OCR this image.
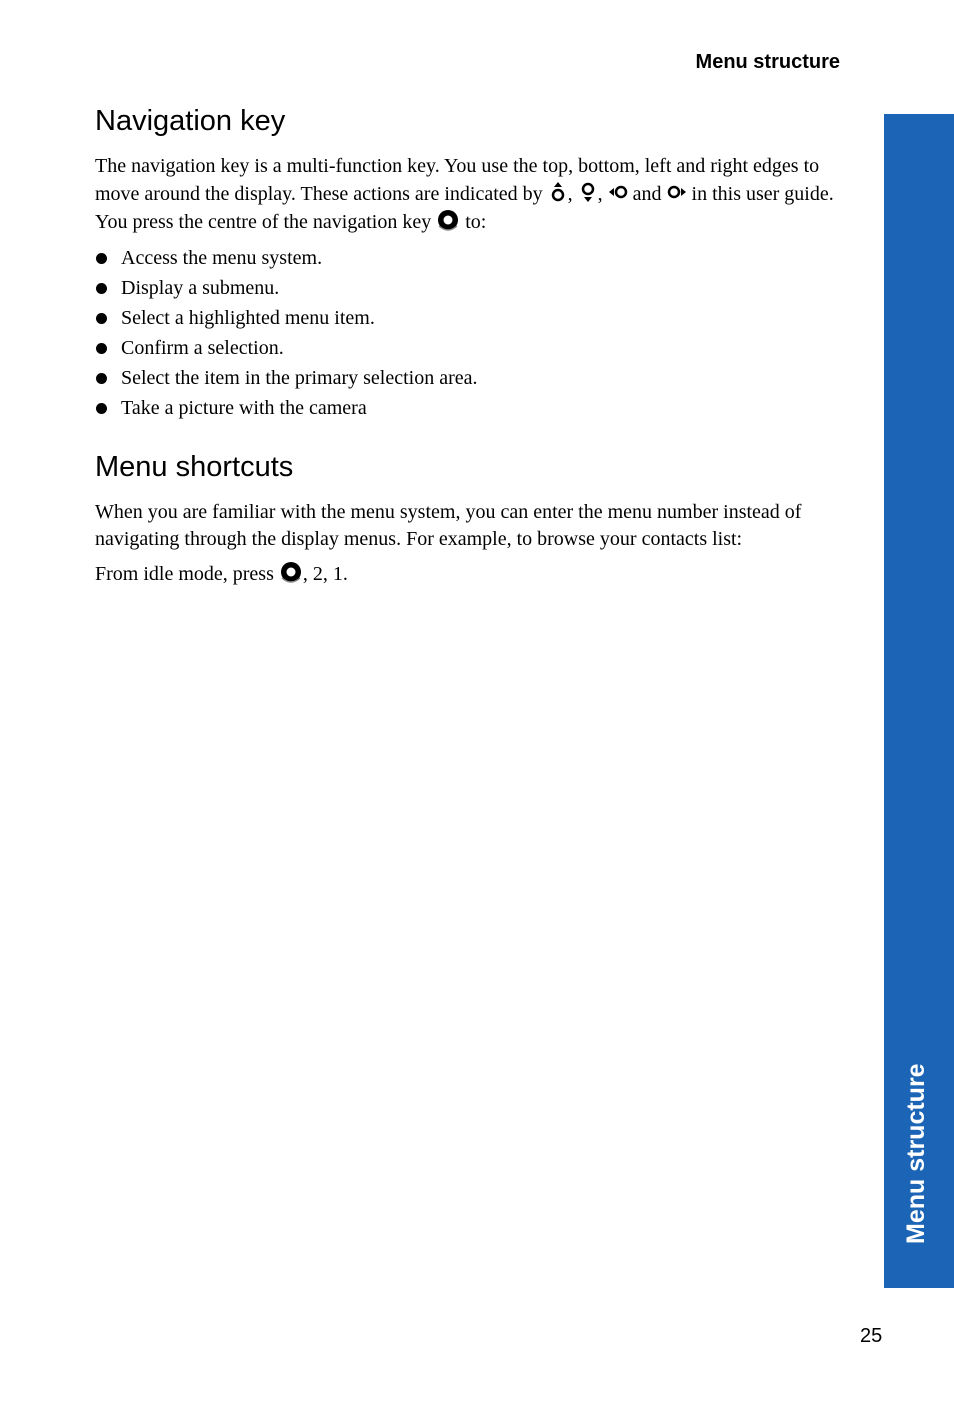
Menu structure
Menu structure
Navigation key

The navigation key is a multi-function key. You use the top, bottom, left and right edges to move around the display. These actions are indicated by , ,  and  in this user guide. You press the centre of the navigation key  to:

Access the menu system.
Display a submenu.
Select a highlighted menu item.
Confirm a selection.
Select the item in the primary selection area.
Take a picture with the camera
Menu shortcuts

When you are familiar with the menu system, you can enter the menu number instead of navigating through the display menus. For example, to browse your contacts list:

From idle mode, press , 2, 1.

25
